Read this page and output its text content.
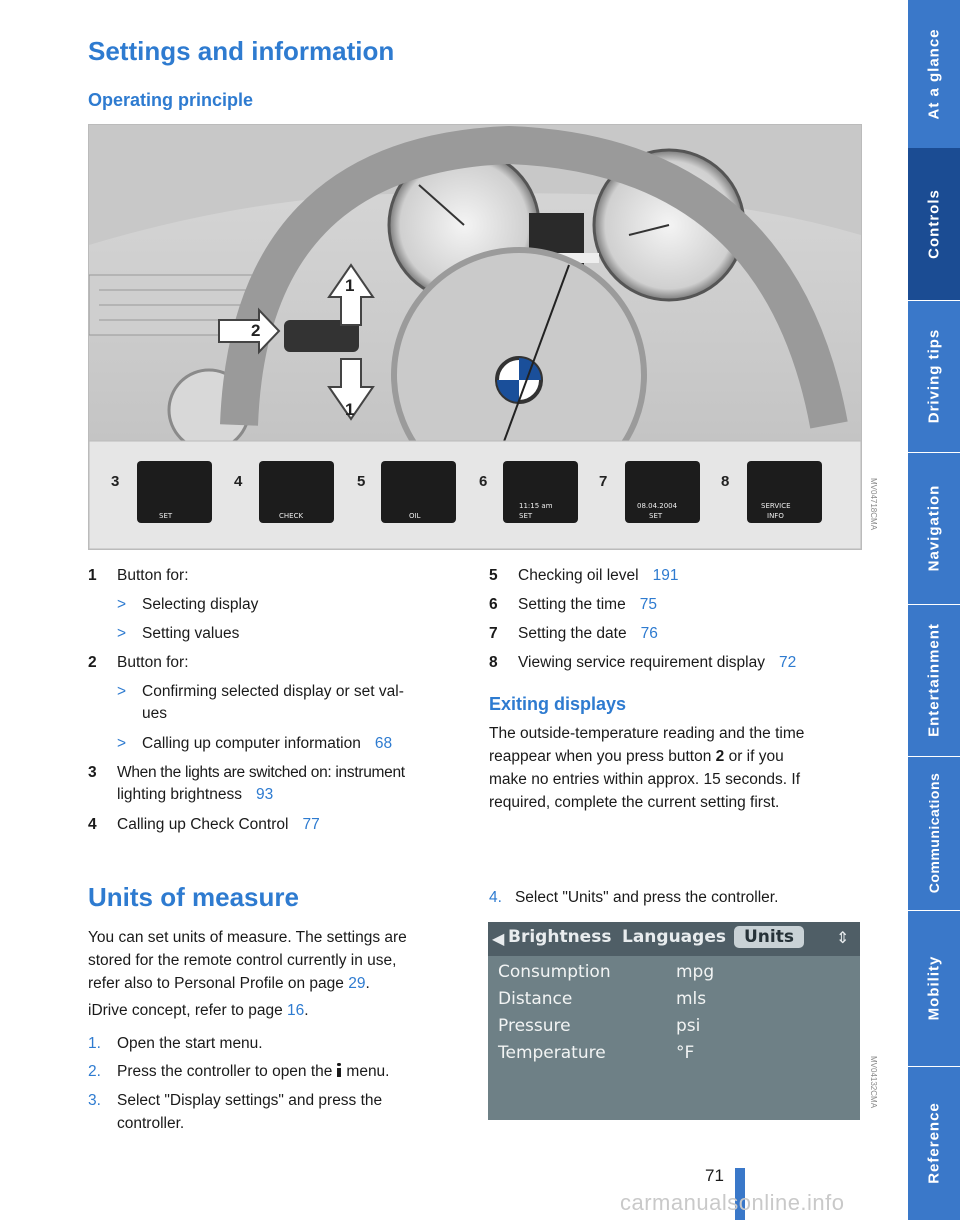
Settings and information
Operating principle
1
2
1
3	4	5	6	7	8
SET	CHECK	OIL
11:15 am
SET
08.04.2004
SET
SERVICE
INFO	MV04718CMA
1 Button for:
> Selecting display
> Setting values
2 Button for:
> Confirming selected display or set val-
ues
> Calling up computer information 68
3 When the lights are switched on: instrument
lighting brightness 93
4 Calling up Check Control 77
5 Checking oil level 191
6 Setting the time 75
7 Setting the date 76
8 Viewing service requirement display 72
Exiting displays
The outside-temperature reading and the time
reappear when you press button 2 or if you
make no entries within approx. 15 seconds. If
required, complete the current setting first.
Units of measure
You can set units of measure. The settings are
stored for the remote control currently in use,
refer also to Personal Profile on page 29.
iDrive concept, refer to page 16.
1. Open the start menu.
2. Press the controller to open the menu.
3. Select "Display settings" and press the
controller.
4. Select "Units" and press the controller.
◀ Brightness Languages	Units	⇕
Consumption	mpg
Distance	mls
Pressure	psi
Temperature	°F
MV04132CMA
At a glance
Controls
Driving tips
Navigation
Entertainment
Communications
Mobility
Reference
71
carmanualsonline.info
